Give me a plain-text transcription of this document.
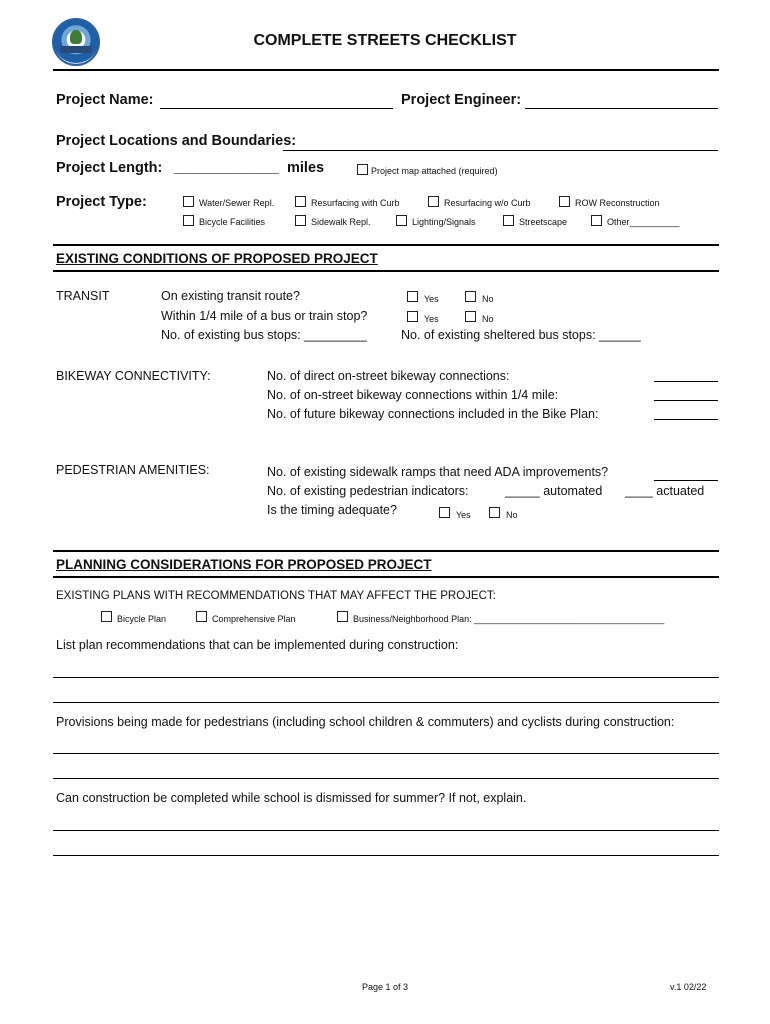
COMPLETE STREETS CHECKLIST
Project Name:	Project Engineer:
Project Locations and Boundaries:
Project Length: _____________ miles	Project map attached (required)
Project Type:	Water/Sewer Repl.	Resurfacing with Curb	Resurfacing w/o Curb	ROW Reconstruction
Bicycle Facilities	Sidewalk Repl.	Lighting/Signals	Streetscape	Other__________
EXISTING CONDITIONS OF PROPOSED PROJECT
TRANSIT	On existing transit route?	Yes	No
Within 1/4 mile of a bus or train stop?	Yes	No
No. of existing bus stops: _________	No. of existing sheltered bus stops: ______
BIKEWAY CONNECTIVITY:	No. of direct on-street bikeway connections:
No. of on-street bikeway connections within 1/4 mile:
No. of future bikeway connections included in the Bike Plan:
PEDESTRIAN AMENITIES:	No. of existing sidewalk ramps that need ADA improvements?
No. of existing pedestrian indicators:	_____ automated ____ actuated
Is the timing adequate?	Yes	No
PLANNING CONSIDERATIONS FOR PROPOSED PROJECT
EXISTING PLANS WITH RECOMMENDATIONS THAT MAY AFFECT THE PROJECT:
Bicycle Plan	Comprehensive Plan	Business/Neighborhood Plan: ______________________________________
List plan recommendations that can be implemented during construction:
Provisions being made for pedestrians (including school children & commuters) and cyclists during construction:
Can construction be completed while school is dismissed for summer? If not, explain.
Page 1 of 3	v.1 02/22
